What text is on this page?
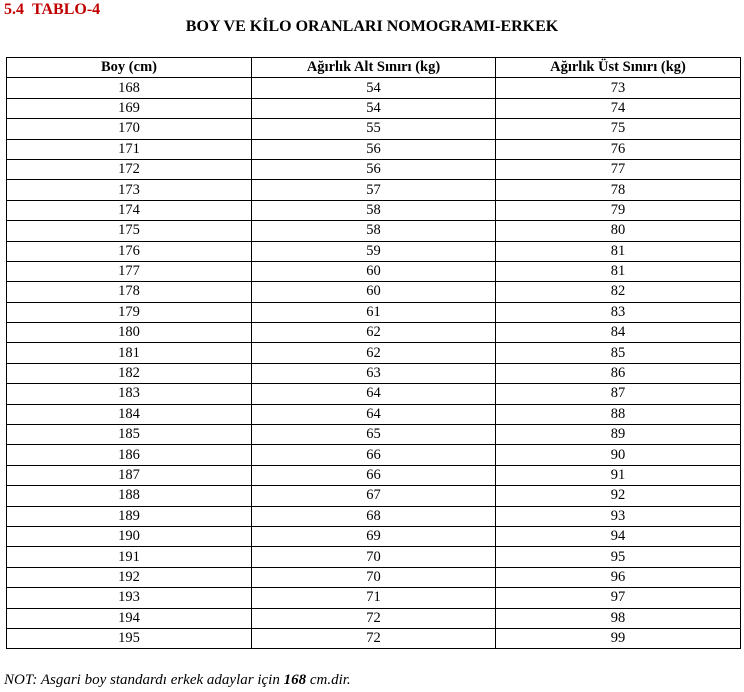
5.4 TABLO-4
BOY VE KİLO ORANLARI NOMOGRAMI-ERKEK
Boy (cm)	Ağırlık Alt Sınırı (kg)	Ağırlık Üst Sınırı (kg)
168	54	73
169	54	74
170	55	75
171	56	76
172	56	77
173	57	78
174	58	79
175	58	80
176	59	81
177	60	81
178	60	82
179	61	83
180	62	84
181	62	85
182	63	86
183	64	87
184	64	88
185	65	89
186	66	90
187	66	91
188	67	92
189	68	93
190	69	94
191	70	95
192	70	96
193	71	97
194	72	98
195	72	99
NOT: Asgari boy standardı erkek adaylar için 168 cm.dir.
